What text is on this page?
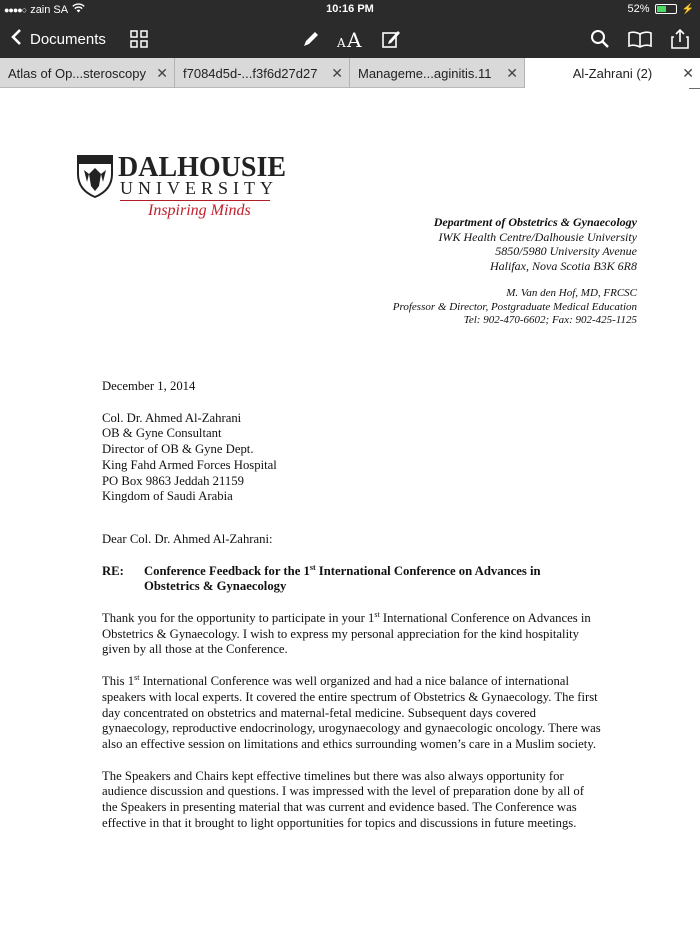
●●●●○ zain SA	10:16 PM	52%	⚡
Documents	A A
Atlas of Op...steroscopy ✕ f7084d5d-...f3f6d27d27 ✕ Manageme...aginitis.11 ✕	Al-Zahrani (2) ✕
DALHOUSIE
UNIVERSITY
Inspiring Minds
Department of Obstetrics & Gynaecology
IWK Health Centre/Dalhousie University
5850/5980 University Avenue
Halifax, Nova Scotia B3K 6R8
M. Van den Hof, MD, FRCSC
Professor & Director, Postgraduate Medical Education
Tel: 902-470-6602; Fax: 902-425-1125

December 1, 2014

Col. Dr. Ahmed Al-Zahrani

OB & Gyne Consultant

Director of OB & Gyne Dept.

King Fahd Armed Forces Hospital

PO Box 9863 Jeddah 21159

Kingdom of Saudi Arabia

Dear Col. Dr. Ahmed Al-Zahrani:

RE:	Conference Feedback for the 1st International Conference on Advances in Obstetrics & Gynaecology

Thank you for the opportunity to participate in your 1st International Conference on Advances in Obstetrics & Gynaecology. I wish to express my personal appreciation for the kind hospitality given by all those at the Conference.

This 1st International Conference was well organized and had a nice balance of international speakers with local experts. It covered the entire spectrum of Obstetrics & Gynaecology. The first day concentrated on obstetrics and maternal-fetal medicine. Subsequent days covered gynaecology, reproductive endocrinology, urogynaecology and gynaecologic oncology. There was also an effective session on limitations and ethics surrounding women’s care in a Muslim society.

The Speakers and Chairs kept effective timelines but there was also always opportunity for audience discussion and questions. I was impressed with the level of preparation done by all of the Speakers in presenting material that was current and evidence based. The Conference was effective in that it brought to light opportunities for topics and discussions in future meetings.
